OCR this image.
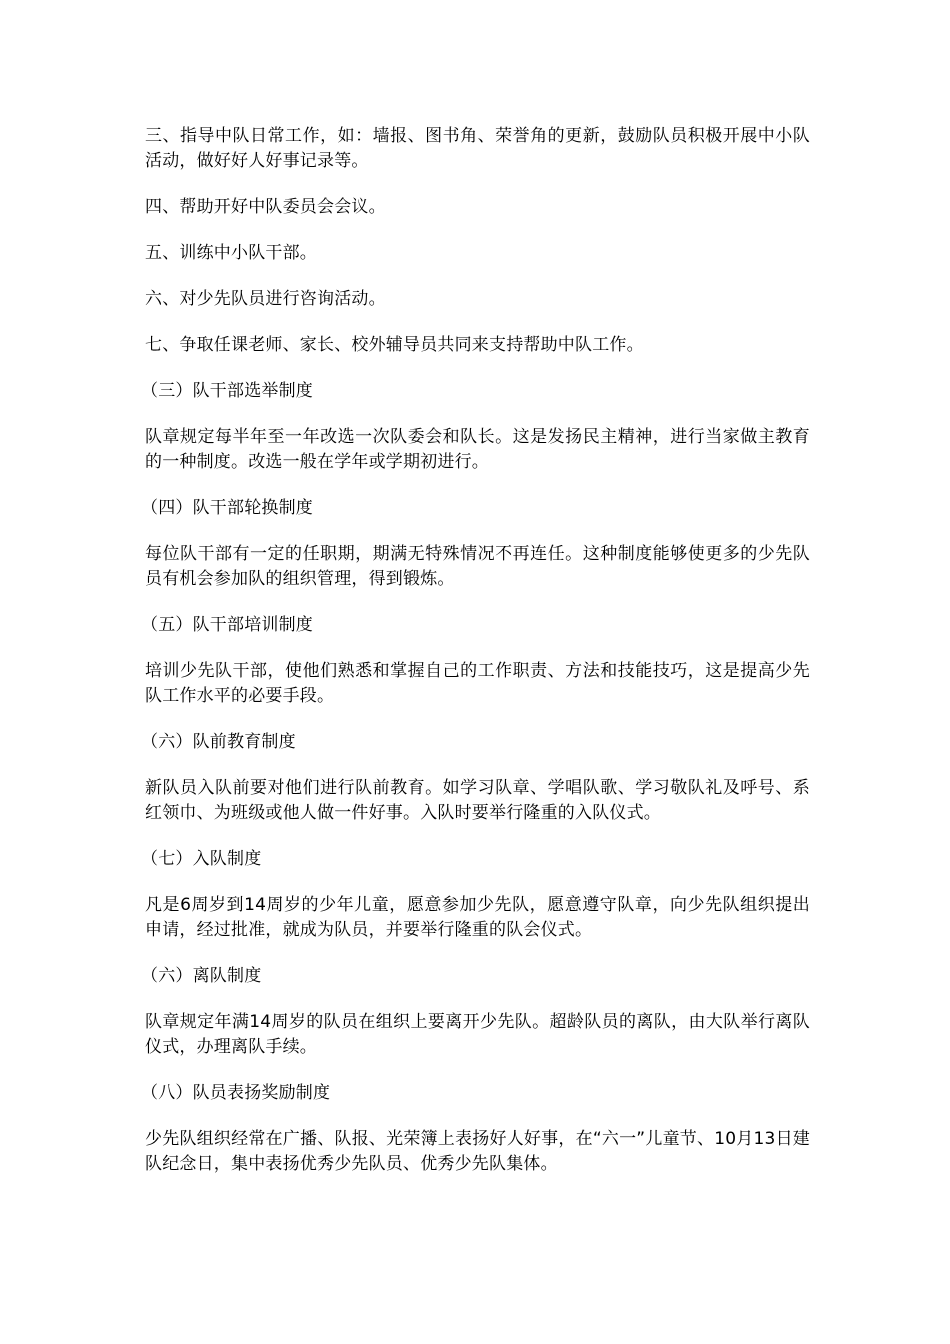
三、指导中队日常工作，如：墙报、图书角、荣誉角的更新，鼓励队员积极开展中小队活动，做好好人好事记录等。

四、帮助开好中队委员会会议。

五、训练中小队干部。

六、对少先队员进行咨询活动。

七、争取任课老师、家长、校外辅导员共同来支持帮助中队工作。

（三）队干部选举制度

队章规定每半年至一年改选一次队委会和队长。这是发扬民主精神，进行当家做主教育的一种制度。改选一般在学年或学期初进行。

（四）队干部轮换制度

每位队干部有一定的任职期，期满无特殊情况不再连任。这种制度能够使更多的少先队员有机会参加队的组织管理，得到锻炼。

（五）队干部培训制度

培训少先队干部，使他们熟悉和掌握自己的工作职责、方法和技能技巧，这是提高少先队工作水平的必要手段。

（六）队前教育制度

新队员入队前要对他们进行队前教育。如学习队章、学唱队歌、学习敬队礼及呼号、系红领巾、为班级或他人做一件好事。入队时要举行隆重的入队仪式。

（七）入队制度

凡是6周岁到14周岁的少年儿童，愿意参加少先队，愿意遵守队章，向少先队组织提出申请，经过批准，就成为队员，并要举行隆重的队会仪式。

（六）离队制度

队章规定年满14周岁的队员在组织上要离开少先队。超龄队员的离队，由大队举行离队仪式，办理离队手续。

（八）队员表扬奖励制度

少先队组织经常在广播、队报、光荣簿上表扬好人好事，在“六一”儿童节、10月13日建队纪念日，集中表扬优秀少先队员、优秀少先队集体。
